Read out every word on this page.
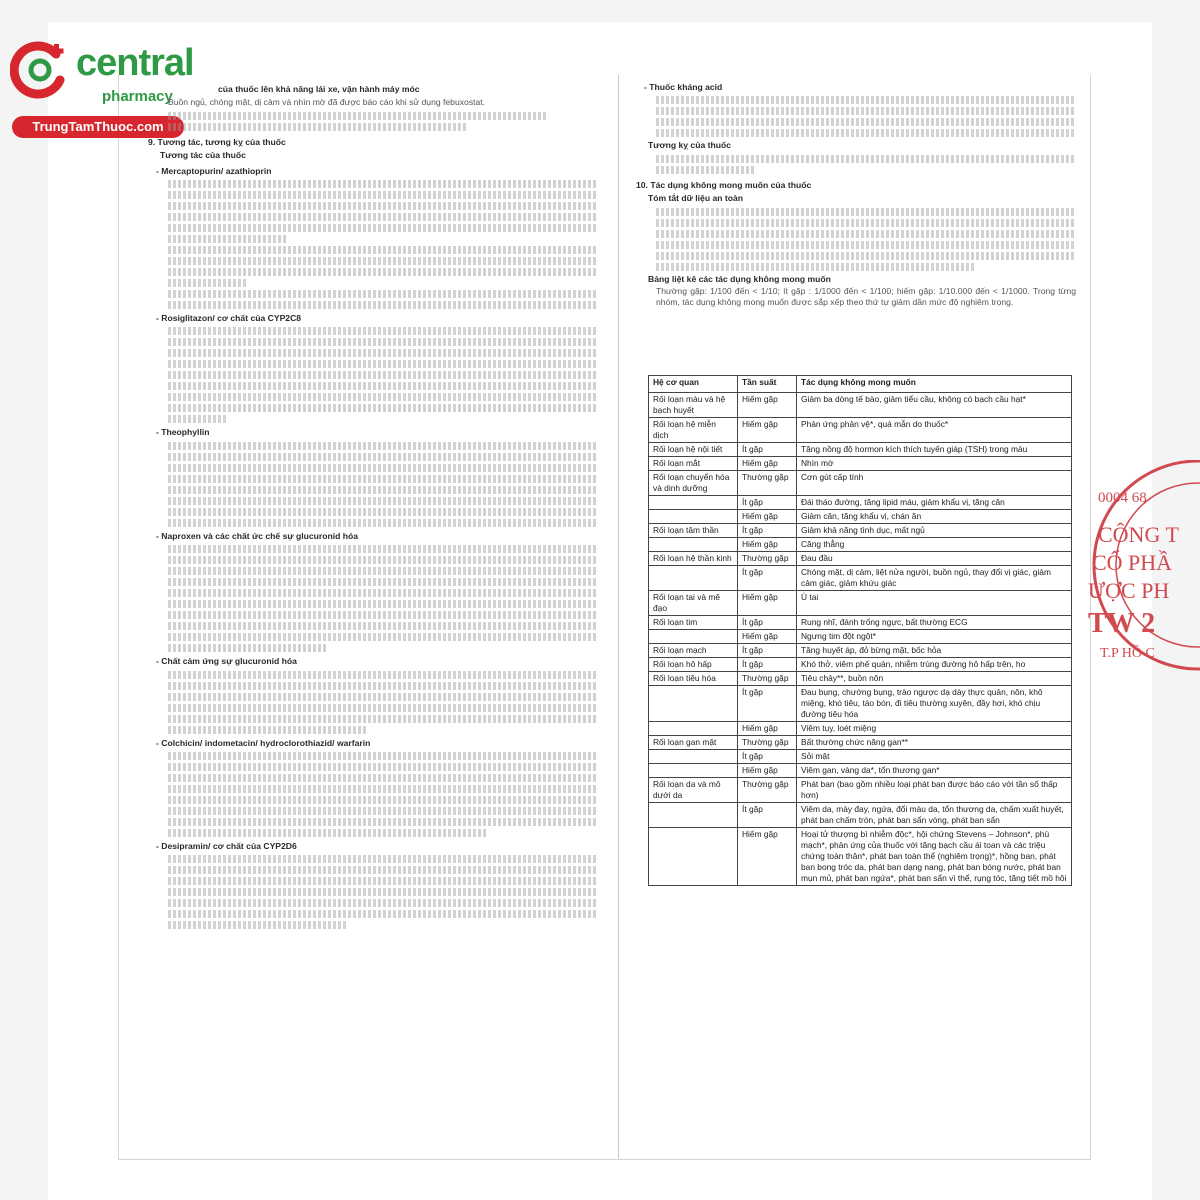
central
pharmacy
TrungTamThuoc.com
của thuốc lên khả năng lái xe, vận hành máy móc
Buồn ngủ, chóng mặt, dị cảm và nhìn mờ đã được báo cáo khi sử dụng febuxostat.
9. Tương tác, tương kỵ của thuốc
Tương tác của thuốc
- Mercaptopurin/ azathioprin
- Rosiglitazon/ cơ chất của CYP2C8
- Theophyllin
- Naproxen và các chất ức chế sự glucuronid hóa
- Chất cảm ứng sự glucuronid hóa
- Colchicin/ indometacin/ hydroclorothiazid/ warfarin
- Desipramin/ cơ chất của CYP2D6
- Thuốc kháng acid
Tương kỵ của thuốc
10. Tác dụng không mong muốn của thuốc
Tóm tắt dữ liệu an toàn
Bảng liệt kê các tác dụng không mong muốn
Thường gặp: 1/100 đến < 1/10; ít gặp : 1/1000 đến < 1/100; hiếm gặp: 1/10.000 đến < 1/1000. Trong từng nhóm, tác dụng không mong muốn được sắp xếp theo thứ tự giảm dần mức độ nghiêm trọng.
Hệ cơ quan	Tần suất	Tác dụng không mong muốn
Rối loạn máu và hệ bạch huyết	Hiếm gặp	Giảm ba dòng tế bào, giảm tiểu cầu, không có bạch cầu hạt*
Rối loạn hệ miễn dịch	Hiếm gặp	Phản ứng phản vệ*, quá mẫn do thuốc*
Rối loạn hệ nội tiết	Ít gặp	Tăng nồng độ hormon kích thích tuyến giáp (TSH) trong máu
Rối loạn mắt	Hiếm gặp	Nhìn mờ
Rối loạn chuyển hóa và dinh dưỡng	Thường gặp	Cơn gút cấp tính
	Ít gặp	Đái tháo đường, tăng lipid máu, giảm khẩu vị, tăng cân
	Hiếm gặp	Giảm cân, tăng khẩu vị, chán ăn
Rối loạn tâm thần	Ít gặp	Giảm khả năng tình dục, mất ngủ
	Hiếm gặp	Căng thẳng
Rối loạn hệ thần kinh	Thường gặp	Đau đầu
	Ít gặp	Chóng mặt, dị cảm, liệt nửa người, buồn ngủ, thay đổi vị giác, giảm cảm giác, giảm khứu giác
Rối loạn tai và mê đạo	Hiếm gặp	Ù tai
Rối loạn tim	Ít gặp	Rung nhĩ, đánh trống ngực, bất thường ECG
	Hiếm gặp	Ngưng tim đột ngột*
Rối loạn mạch	Ít gặp	Tăng huyết áp, đỏ bừng mặt, bốc hỏa
Rối loạn hô hấp	Ít gặp	Khó thở, viêm phế quản, nhiễm trùng đường hô hấp trên, ho
Rối loạn tiêu hóa	Thường gặp	Tiêu chảy**, buồn nôn
	Ít gặp	Đau bụng, chướng bụng, trào ngược dạ dày thực quản, nôn, khô miệng, khó tiêu, táo bón, đi tiêu thường xuyên, đầy hơi, khó chịu đường tiêu hóa
	Hiếm gặp	Viêm tụy, loét miệng
Rối loạn gan mật	Thường gặp	Bất thường chức năng gan**
	Ít gặp	Sỏi mật
	Hiếm gặp	Viêm gan, vàng da*, tổn thương gan*
Rối loạn da và mô dưới da	Thường gặp	Phát ban (bao gồm nhiều loại phát ban được báo cáo với tần số thấp hơn)
	Ít gặp	Viêm da, mày đay, ngứa, đổi màu da, tổn thương da, chấm xuất huyết, phát ban chấm tròn, phát ban sẩn vòng, phát ban sẩn
	Hiếm gặp	Hoại tử thượng bì nhiễm độc*, hội chứng Stevens – Johnson*, phù mạch*, phản ứng của thuốc với tăng bạch cầu ái toan và các triệu chứng toàn thân*, phát ban toàn thể (nghiêm trọng)*, hồng ban, phát ban bong tróc da, phát ban dạng nang, phát ban bóng nước, phát ban mụn mủ, phát ban ngứa*, phát ban sẩn vì thể, rụng tóc, tăng tiết mồ hôi
0004 68
CÔNG T
CỔ PHẦ
ƯỢC PH
TW 2
T.P HỒ C
